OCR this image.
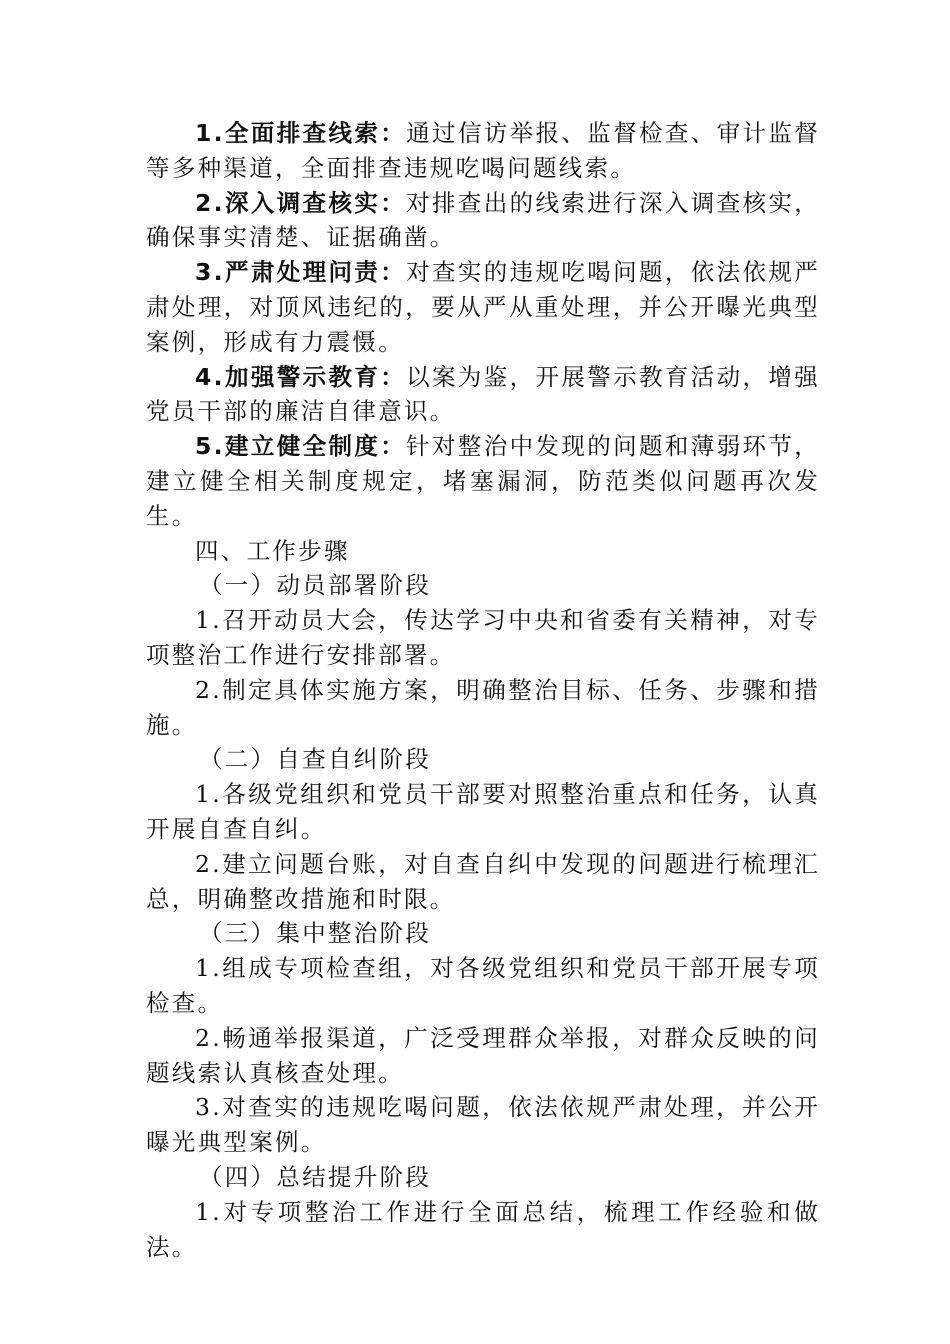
1.全面排查线索：通过信访举报、监督检查、审计监督等多种渠道，全面排查违规吃喝问题线索。

2.深入调查核实：对排查出的线索进行深入调查核实，确保事实清楚、证据确凿。

3.严肃处理问责：对查实的违规吃喝问题，依法依规严肃处理，对顶风违纪的，要从严从重处理，并公开曝光典型案例，形成有力震慑。

4.加强警示教育：以案为鉴，开展警示教育活动，增强党员干部的廉洁自律意识。

5.建立健全制度：针对整治中发现的问题和薄弱环节，建立健全相关制度规定，堵塞漏洞，防范类似问题再次发生。

四、工作步骤

（一）动员部署阶段

1.召开动员大会，传达学习中央和省委有关精神，对专项整治工作进行安排部署。

2.制定具体实施方案，明确整治目标、任务、步骤和措施。

（二）自查自纠阶段

1.各级党组织和党员干部要对照整治重点和任务，认真开展自查自纠。

2.建立问题台账，对自查自纠中发现的问题进行梳理汇总，明确整改措施和时限。

（三）集中整治阶段

1.组成专项检查组，对各级党组织和党员干部开展专项检查。

2.畅通举报渠道，广泛受理群众举报，对群众反映的问题线索认真核查处理。

3.对查实的违规吃喝问题，依法依规严肃处理，并公开曝光典型案例。

（四）总结提升阶段

1.对专项整治工作进行全面总结，梳理工作经验和做法。
